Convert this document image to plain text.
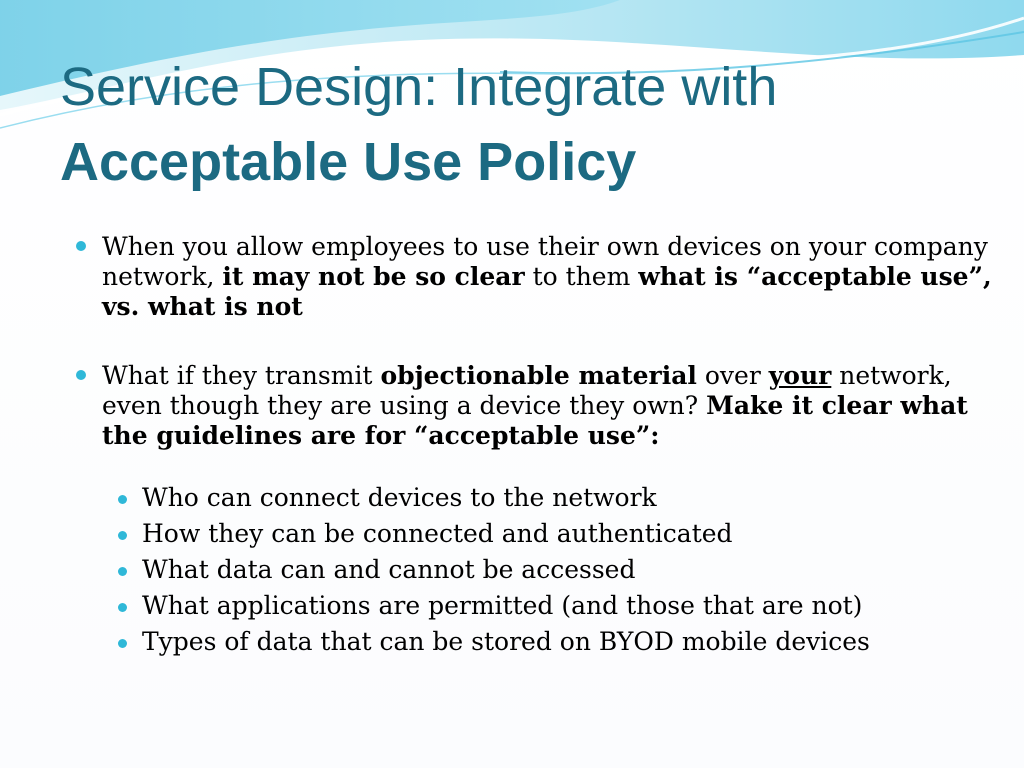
Service Design: Integrate with
Acceptable Use Policy
When you allow employees to use their own devices on your company network, it may not be so clear to them what is “acceptable use”, vs. what is not
What if they transmit objectionable material over your network, even though they are using a device they own? Make it clear what the guidelines are for “acceptable use”:
Who can connect devices to the network
How they can be connected and authenticated
What data can and cannot be accessed
What applications are permitted (and those that are not)
Types of data that can be stored on BYOD mobile devices
